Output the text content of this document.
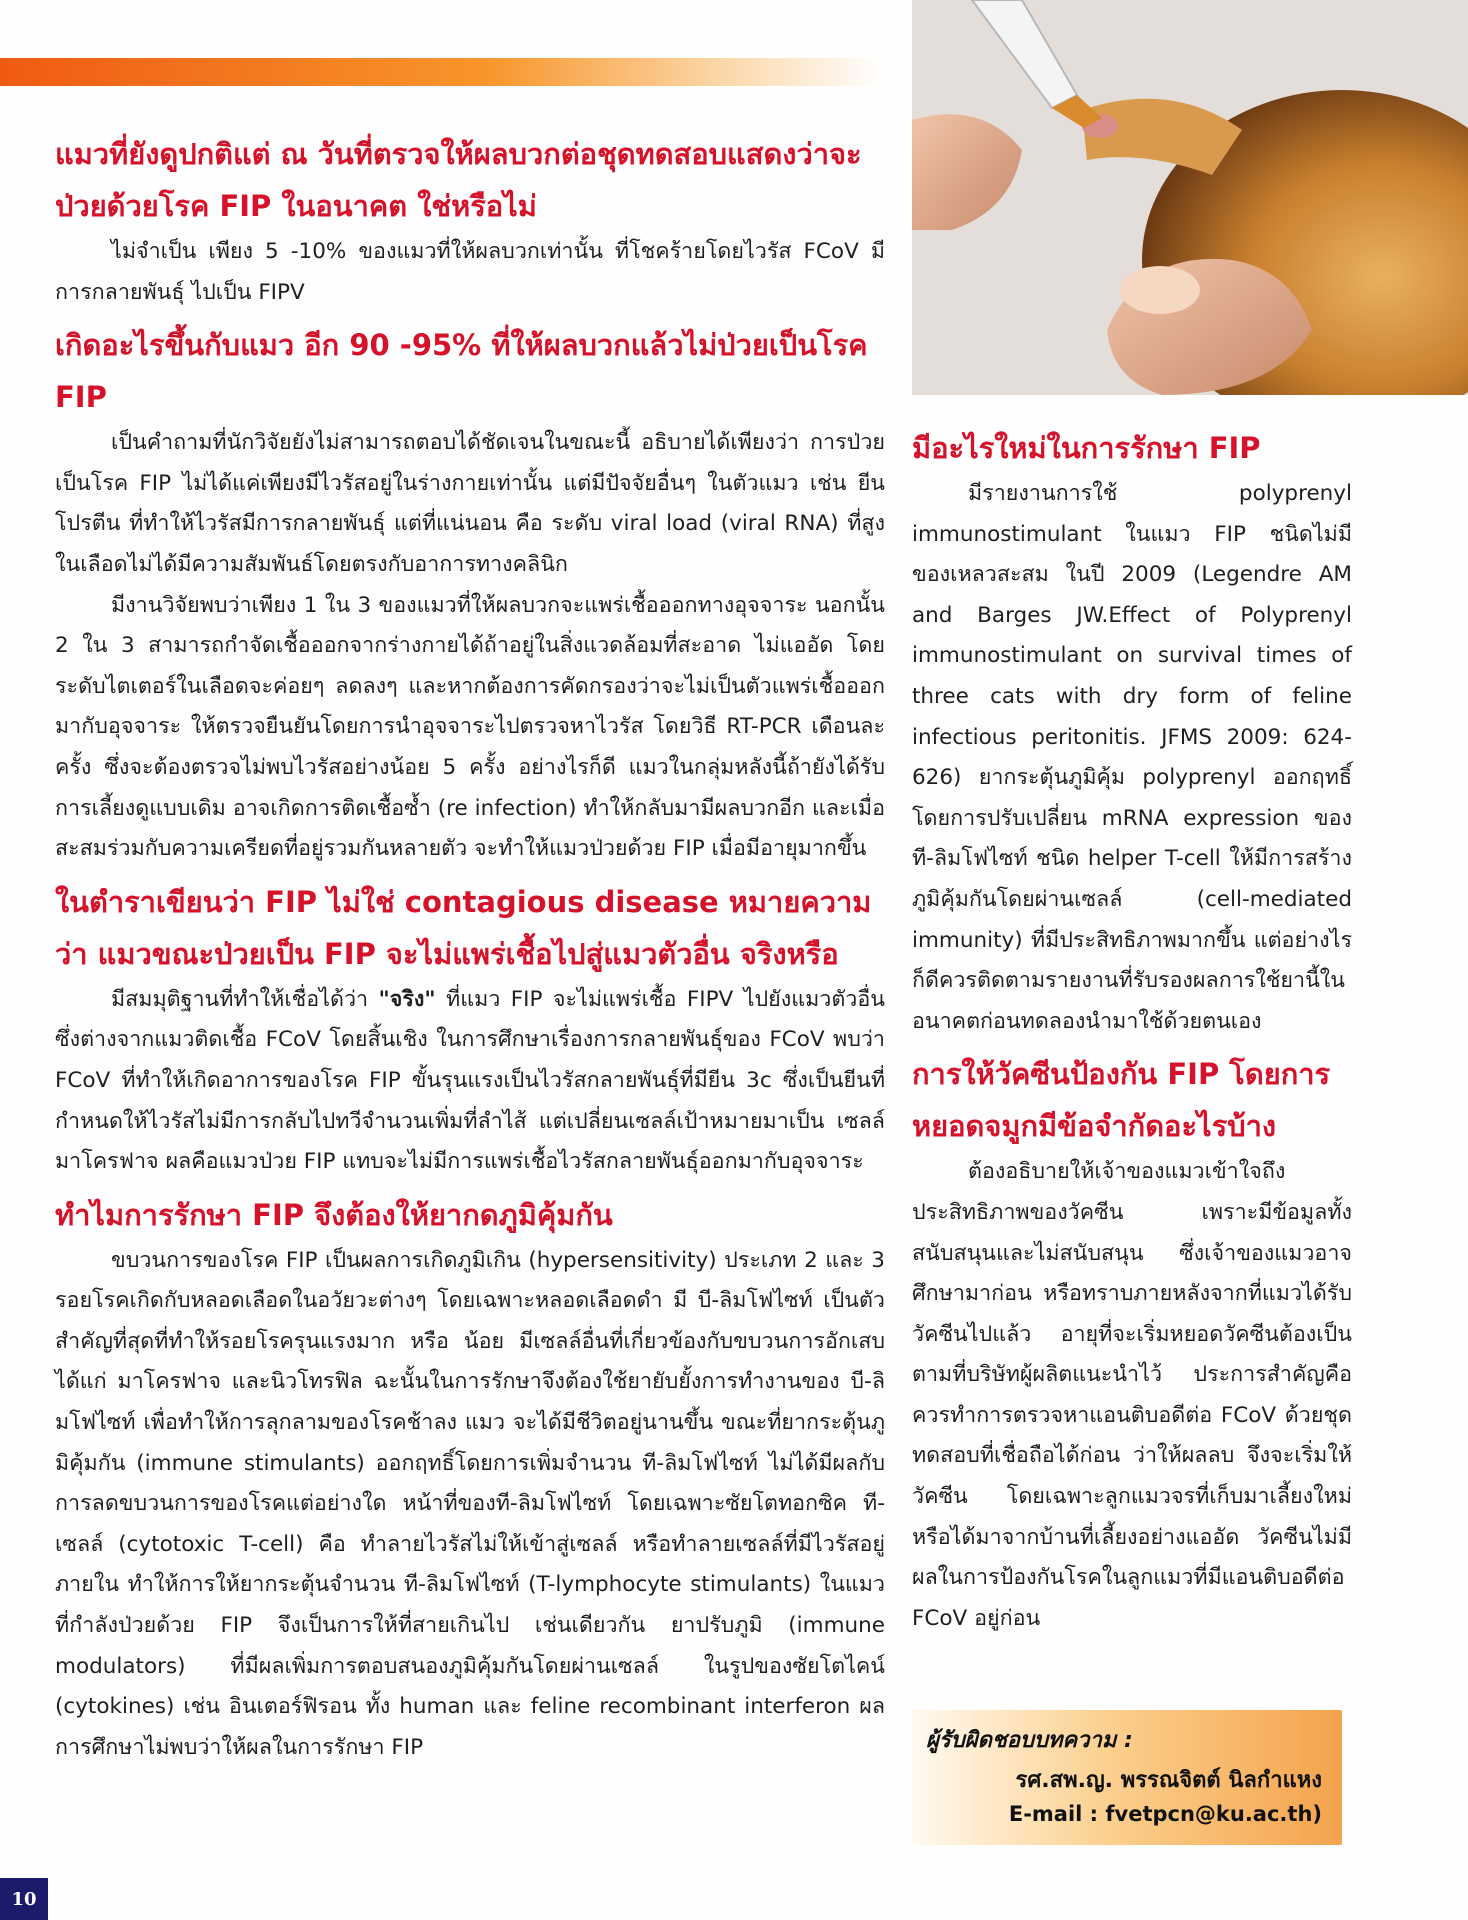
แมวที่ยังดูปกติแต่ ณ วันที่ตรวจให้ผลบวกต่อชุดทดสอบแสดงว่าจะป่วยด้วยโรค FIP ในอนาคต ใช่หรือไม่

ไม่จำเป็น เพียง 5 -10% ของแมวที่ให้ผลบวกเท่านั้น ที่โชคร้ายโดยไวรัส FCoV มีการกลายพันธุ์ ไปเป็น FIPV

เกิดอะไรขึ้นกับแมว อีก 90 -95% ที่ให้ผลบวกแล้วไม่ป่วยเป็นโรค FIP

เป็นคำถามที่นักวิจัยยังไม่สามารถตอบได้ชัดเจนในขณะนี้ อธิบายได้เพียงว่า การป่วยเป็นโรค FIP ไม่ได้แค่เพียงมีไวรัสอยู่ในร่างกายเท่านั้น แต่มีปัจจัยอื่นๆ ในตัวแมว เช่น ยีนโปรตีน ที่ทำให้ไวรัสมีการกลายพันธุ์ แต่ที่แน่นอน คือ ระดับ viral load (viral RNA) ที่สูงในเลือดไม่ได้มีความสัมพันธ์โดยตรงกับอาการทางคลินิก

มีงานวิจัยพบว่าเพียง 1 ใน 3 ของแมวที่ให้ผลบวกจะแพร่เชื้อออกทางอุจจาระ นอกนั้น 2 ใน 3 สามารถกำจัดเชื้อออกจากร่างกายได้ถ้าอยู่ในสิ่งแวดล้อมที่สะอาด ไม่แออัด โดยระดับไตเตอร์ในเลือดจะค่อยๆ ลดลงๆ และหากต้องการคัดกรองว่าจะไม่เป็นตัวแพร่เชื้อออกมากับอุจจาระ ให้ตรวจยืนยันโดยการนำอุจจาระไปตรวจหาไวรัส โดยวิธี RT-PCR เดือนละครั้ง ซึ่งจะต้องตรวจไม่พบไวรัสอย่างน้อย 5 ครั้ง อย่างไรก็ดี แมวในกลุ่มหลังนี้ถ้ายังได้รับการเลี้ยงดูแบบเดิม อาจเกิดการติดเชื้อซ้ำ (re infection) ทำให้กลับมามีผลบวกอีก และเมื่อสะสมร่วมกับความเครียดที่อยู่รวมกันหลายตัว จะทำให้แมวป่วยด้วย FIP เมื่อมีอายุมากขึ้น

ในตำราเขียนว่า FIP ไม่ใช่ contagious disease หมายความว่า แมวขณะป่วยเป็น FIP จะไม่แพร่เชื้อไปสู่แมวตัวอื่น จริงหรือ

มีสมมุติฐานที่ทำให้เชื่อได้ว่า "จริง" ที่แมว FIP จะไม่แพร่เชื้อ FIPV ไปยังแมวตัวอื่นซึ่งต่างจากแมวติดเชื้อ FCoV โดยสิ้นเชิง ในการศึกษาเรื่องการกลายพันธุ์ของ FCoV พบว่า FCoV ที่ทำให้เกิดอาการของโรค FIP ขั้นรุนแรงเป็นไวรัสกลายพันธุ์ที่มียีน 3c ซึ่งเป็นยีนที่กำหนดให้ไวรัสไม่มีการกลับไปทวีจำนวนเพิ่มที่ลำไส้ แต่เปลี่ยนเซลล์เป้าหมายมาเป็น เซลล์มาโครฟาจ ผลคือแมวป่วย FIP แทบจะไม่มีการแพร่เชื้อไวรัสกลายพันธุ์ออกมากับอุจจาระ

ทำไมการรักษา FIP จึงต้องให้ยากดภูมิคุ้มกัน

ขบวนการของโรค FIP เป็นผลการเกิดภูมิเกิน (hypersensitivity) ประเภท 2 และ 3 รอยโรคเกิดกับหลอดเลือดในอวัยวะต่างๆ โดยเฉพาะหลอดเลือดดำ มี บี-ลิมโฟไซท์ เป็นตัวสำคัญที่สุดที่ทำให้รอยโรครุนแรงมาก หรือ น้อย มีเซลล์อื่นที่เกี่ยวข้องกับขบวนการอักเสบ ได้แก่ มาโครฟาจ และนิวโทรฟิล ฉะนั้นในการรักษาจึงต้องใช้ยายับยั้งการทำงานของ บี-ลิมโฟไซท์ เพื่อทำให้การลุกลามของโรคช้าลง แมว จะได้มีชีวิตอยู่นานขึ้น ขณะที่ยากระตุ้นภูมิคุ้มกัน (immune stimulants) ออกฤทธิ์โดยการเพิ่มจำนวน ที-ลิมโฟไซท์ ไม่ได้มีผลกับการลดขบวนการของโรคแต่อย่างใด หน้าที่ของที-ลิมโฟไซท์ โดยเฉพาะซัยโตทอกซิค ที-เซลล์ (cytotoxic T-cell) คือ ทำลายไวรัสไม่ให้เข้าสู่เซลล์ หรือทำลายเซลล์ที่มีไวรัสอยู่ภายใน ทำให้การให้ยากระตุ้นจำนวน ที-ลิมโฟไซท์ (T-lymphocyte stimulants) ในแมวที่กำลังป่วยด้วย FIP จึงเป็นการให้ที่สายเกินไป เช่นเดียวกัน ยาปรับภูมิ (immune modulators) ที่มีผลเพิ่มการตอบสนองภูมิคุ้มกันโดยผ่านเซลล์ ในรูปของซัยโตไคน์ (cytokines) เช่น อินเตอร์ฟิรอน ทั้ง human และ feline recombinant interferon ผลการศึกษาไม่พบว่าให้ผลในการรักษา FIP

มีอะไรใหม่ในการรักษา FIP

มีรายงานการใช้ polyprenyl immunostimulant ในแมว FIP ชนิดไม่มีของเหลวสะสม ในปี 2009 (Legendre AM and Barges JW.Effect of Polyprenyl immunostimulant on survival times of three cats with dry form of feline infectious peritonitis. JFMS 2009: 624-626) ยากระตุ้นภูมิคุ้ม polyprenyl ออกฤทธิ์โดยการปรับเปลี่ยน mRNA expression ของ ที-ลิมโฟไซท์ ชนิด helper T-cell ให้มีการสร้างภูมิคุ้มกันโดยผ่านเซลล์ (cell-mediated immunity) ที่มีประสิทธิภาพมากขึ้น แต่อย่างไรก็ดีควรติดตามรายงานที่รับรองผลการใช้ยานี้ในอนาคตก่อนทดลองนำมาใช้ด้วยตนเอง

การให้วัคซีนป้องกัน FIP โดยการหยอดจมูกมีข้อจำกัดอะไรบ้าง

ต้องอธิบายให้เจ้าของแมวเข้าใจถึงประสิทธิภาพของวัคซีน เพราะมีข้อมูลทั้งสนับสนุนและไม่สนับสนุน ซึ่งเจ้าของแมวอาจศึกษามาก่อน หรือทราบภายหลังจากที่แมวได้รับวัคซีนไปแล้ว อายุที่จะเริ่มหยอดวัคซีนต้องเป็นตามที่บริษัทผู้ผลิตแนะนำไว้ ประการสำคัญคือควรทำการตรวจหาแอนติบอดีต่อ FCoV ด้วยชุดทดสอบที่เชื่อถือได้ก่อน ว่าให้ผลลบ จึงจะเริ่มให้วัคซีน โดยเฉพาะลูกแมวจรที่เก็บมาเลี้ยงใหม่ หรือได้มาจากบ้านที่เลี้ยงอย่างแออัด วัคซีนไม่มีผลในการป้องกันโรคในลูกแมวที่มีแอนติบอดีต่อ FCoV อยู่ก่อน

ผู้รับผิดชอบบทความ :
รศ.สพ.ญ. พรรณจิตต์ นิลกำแหง
E-mail : fvetpcn@ku.ac.th)
10
